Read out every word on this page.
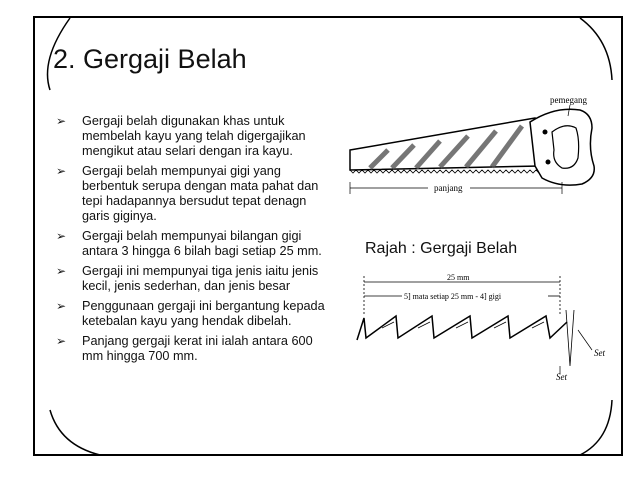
2. Gergaji Belah
➢ Gergaji belah digunakan khas untuk membelah kayu yang telah digergajikan mengikut atau selari dengan ira kayu.
➢ Gergaji belah mempunyai gigi yang berbentuk serupa dengan mata pahat dan tepi hadapannya bersudut tepat denagn garis giginya.
➢ Gergaji belah mempunyai bilangan gigi antara 3 hingga 6 bilah bagi setiap 25 mm.
➢ Gergaji ini mempunyai tiga jenis iaitu jenis kecil, jenis sederhan, dan jenis besar
➢ Penggunaan gergaji ini bergantung kepada ketebalan kayu yang hendak dibelah.
➢ Panjang gergaji kerat ini ialah antara 600 mm hingga 700 mm.
pemegang
panjang
Rajah : Gergaji Belah
25 mm
5] mata setiap 25 mm - 4] gigi
Set
Set
